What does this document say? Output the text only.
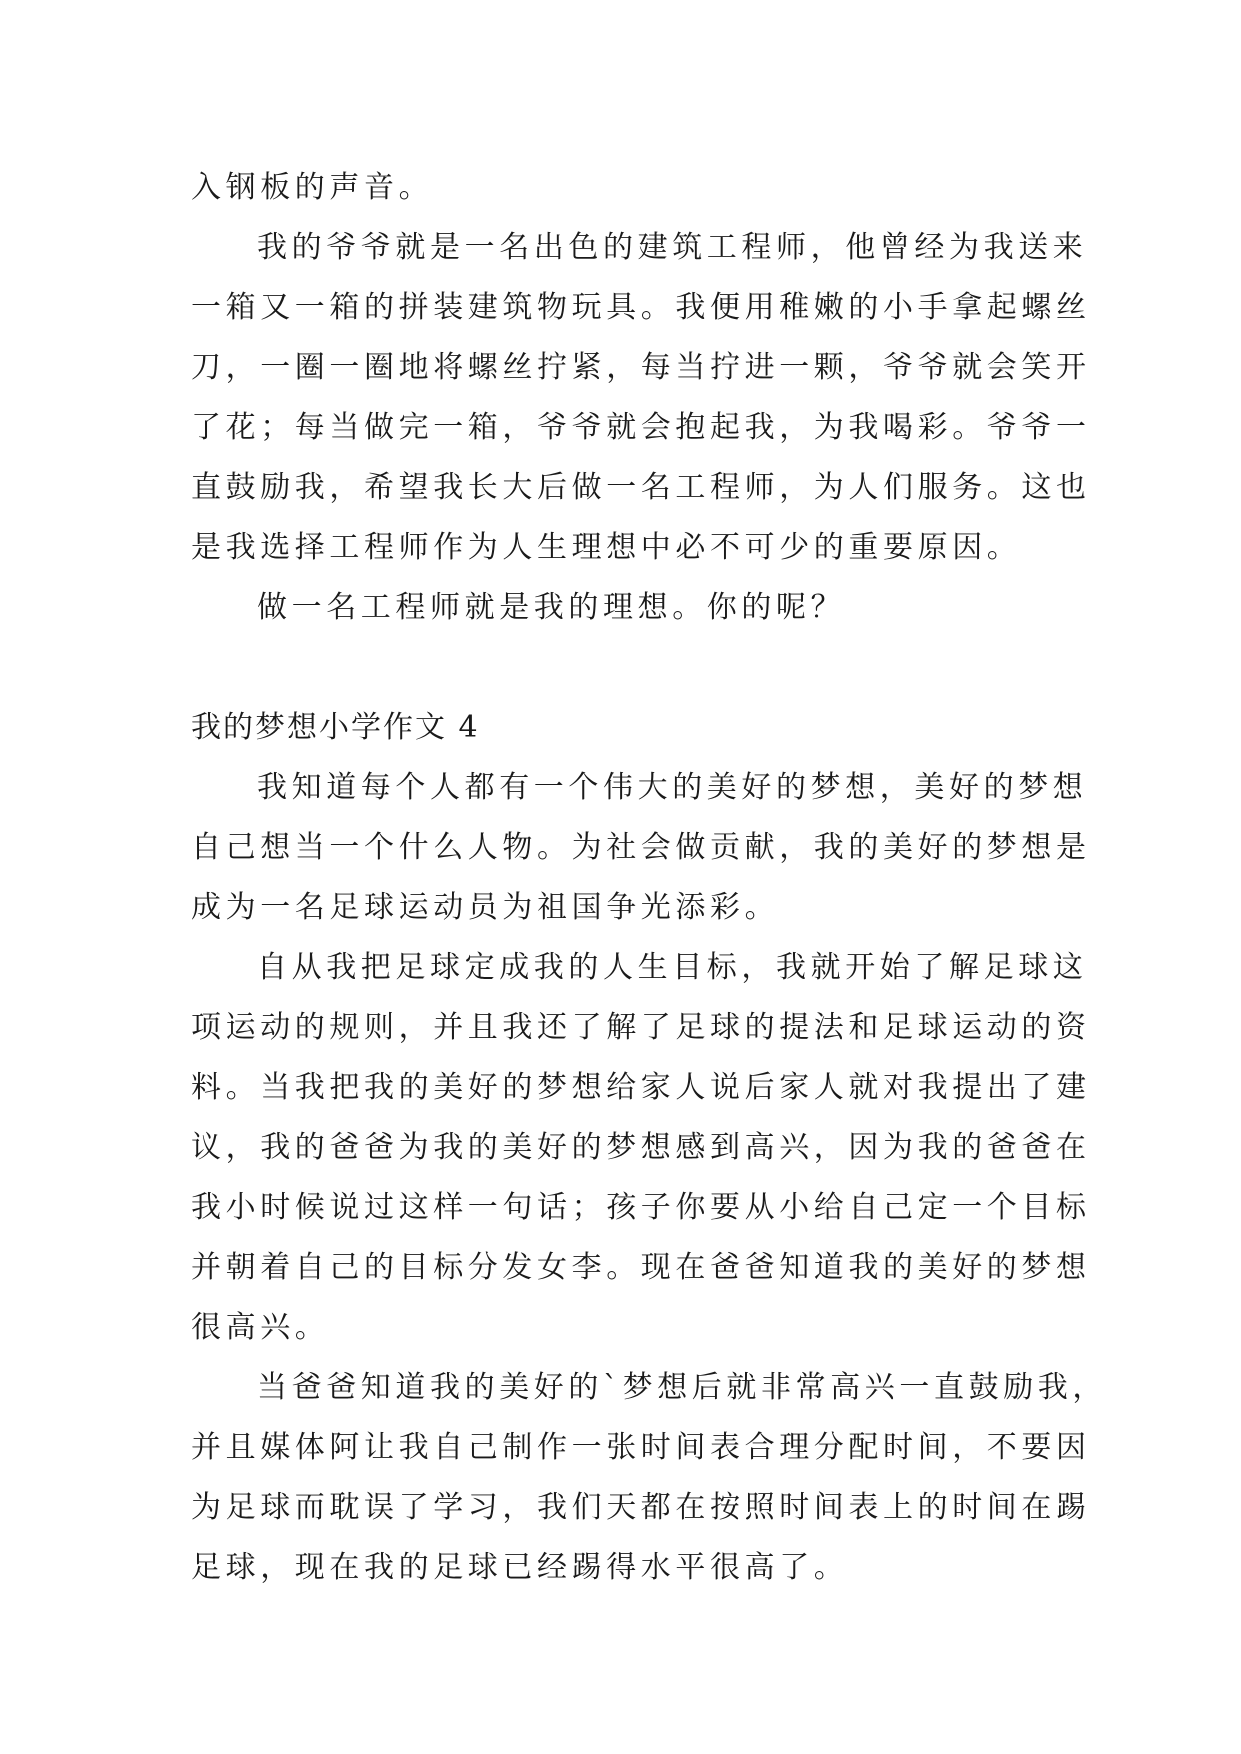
入钢板的声音。
我的爷爷就是一名出色的建筑工程师，他曾经为我送来
一箱又一箱的拼装建筑物玩具。我便用稚嫩的小手拿起螺丝
刀，一圈一圈地将螺丝拧紧，每当拧进一颗，爷爷就会笑开
了花；每当做完一箱，爷爷就会抱起我，为我喝彩。爷爷一
直鼓励我，希望我长大后做一名工程师，为人们服务。这也
是我选择工程师作为人生理想中必不可少的重要原因。
做一名工程师就是我的理想。你的呢？
我的梦想小学作文 4
我知道每个人都有一个伟大的美好的梦想，美好的梦想
自己想当一个什么人物。为社会做贡献，我的美好的梦想是
成为一名足球运动员为祖国争光添彩。
自从我把足球定成我的人生目标，我就开始了解足球这
项运动的规则，并且我还了解了足球的提法和足球运动的资
料。当我把我的美好的梦想给家人说后家人就对我提出了建
议，我的爸爸为我的美好的梦想感到高兴，因为我的爸爸在
我小时候说过这样一句话；孩子你要从小给自己定一个目标
并朝着自己的目标分发女李。现在爸爸知道我的美好的梦想
很高兴。
当爸爸知道我的美好的`梦想后就非常高兴一直鼓励我，
并且媒体阿让我自己制作一张时间表合理分配时间，不要因
为足球而耽误了学习，我们天都在按照时间表上的时间在踢
足球，现在我的足球已经踢得水平很高了。
